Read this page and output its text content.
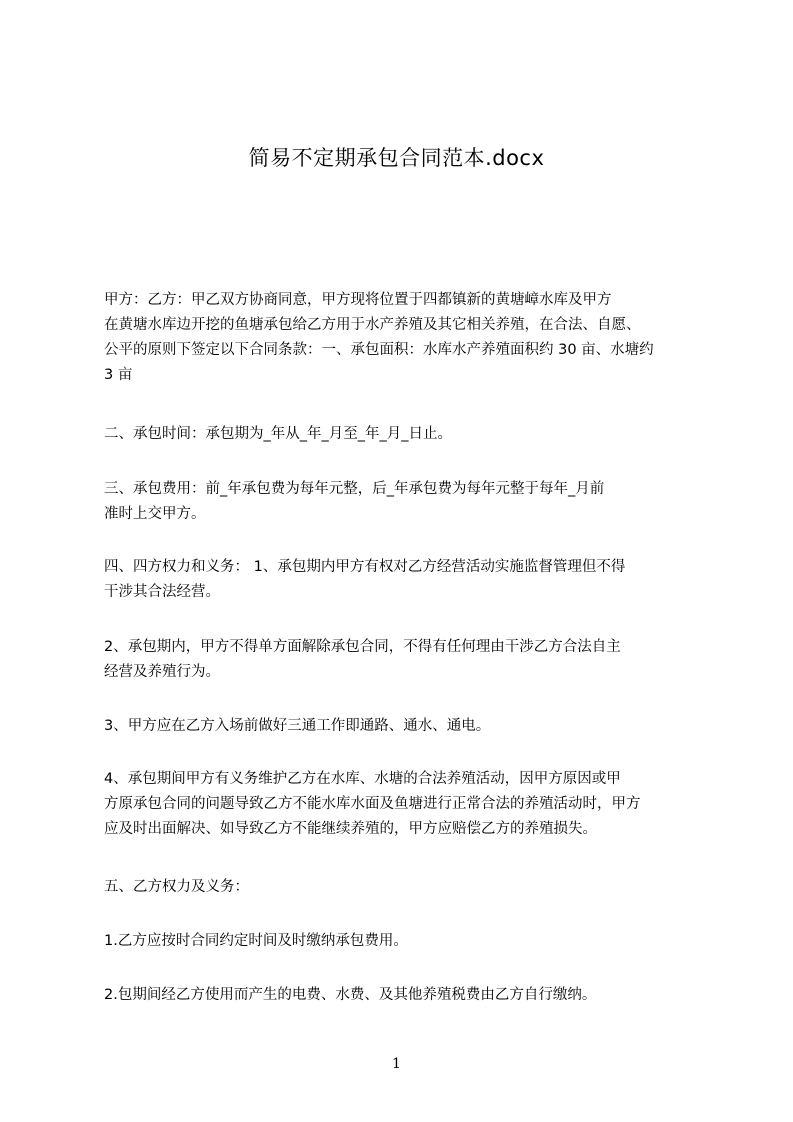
简易不定期承包合同范本.docx
甲方：乙方：甲乙双方协商同意，甲方现将位置于四都镇新的黄塘嶂水库及甲方
在黄塘水库边开挖的鱼塘承包给乙方用于水产养殖及其它相关养殖，在合法、自愿、
公平的原则下签定以下合同条款：一、承包面积：水库水产养殖面积约 30 亩、水塘约
3 亩
二、承包时间：承包期为_年从_年_月至_年_月_日止。
三、承包费用：前_年承包费为每年元整，后_年承包费为每年元整于每年_月前
准时上交甲方。
四、四方权力和义务： 1、承包期内甲方有权对乙方经营活动实施监督管理但不得
干涉其合法经营。
2、承包期内，甲方不得单方面解除承包合同，不得有任何理由干涉乙方合法自主
经营及养殖行为。
3、甲方应在乙方入场前做好三通工作即通路、通水、通电。
4、承包期间甲方有义务维护乙方在水库、水塘的合法养殖活动，因甲方原因或甲
方原承包合同的问题导致乙方不能水库水面及鱼塘进行正常合法的养殖活动时，甲方
应及时出面解决、如导致乙方不能继续养殖的，甲方应赔偿乙方的养殖损失。
五、乙方权力及义务：
1.乙方应按时合同约定时间及时缴纳承包费用。
2.包期间经乙方使用而产生的电费、水费、及其他养殖税费由乙方自行缴纳。
1
